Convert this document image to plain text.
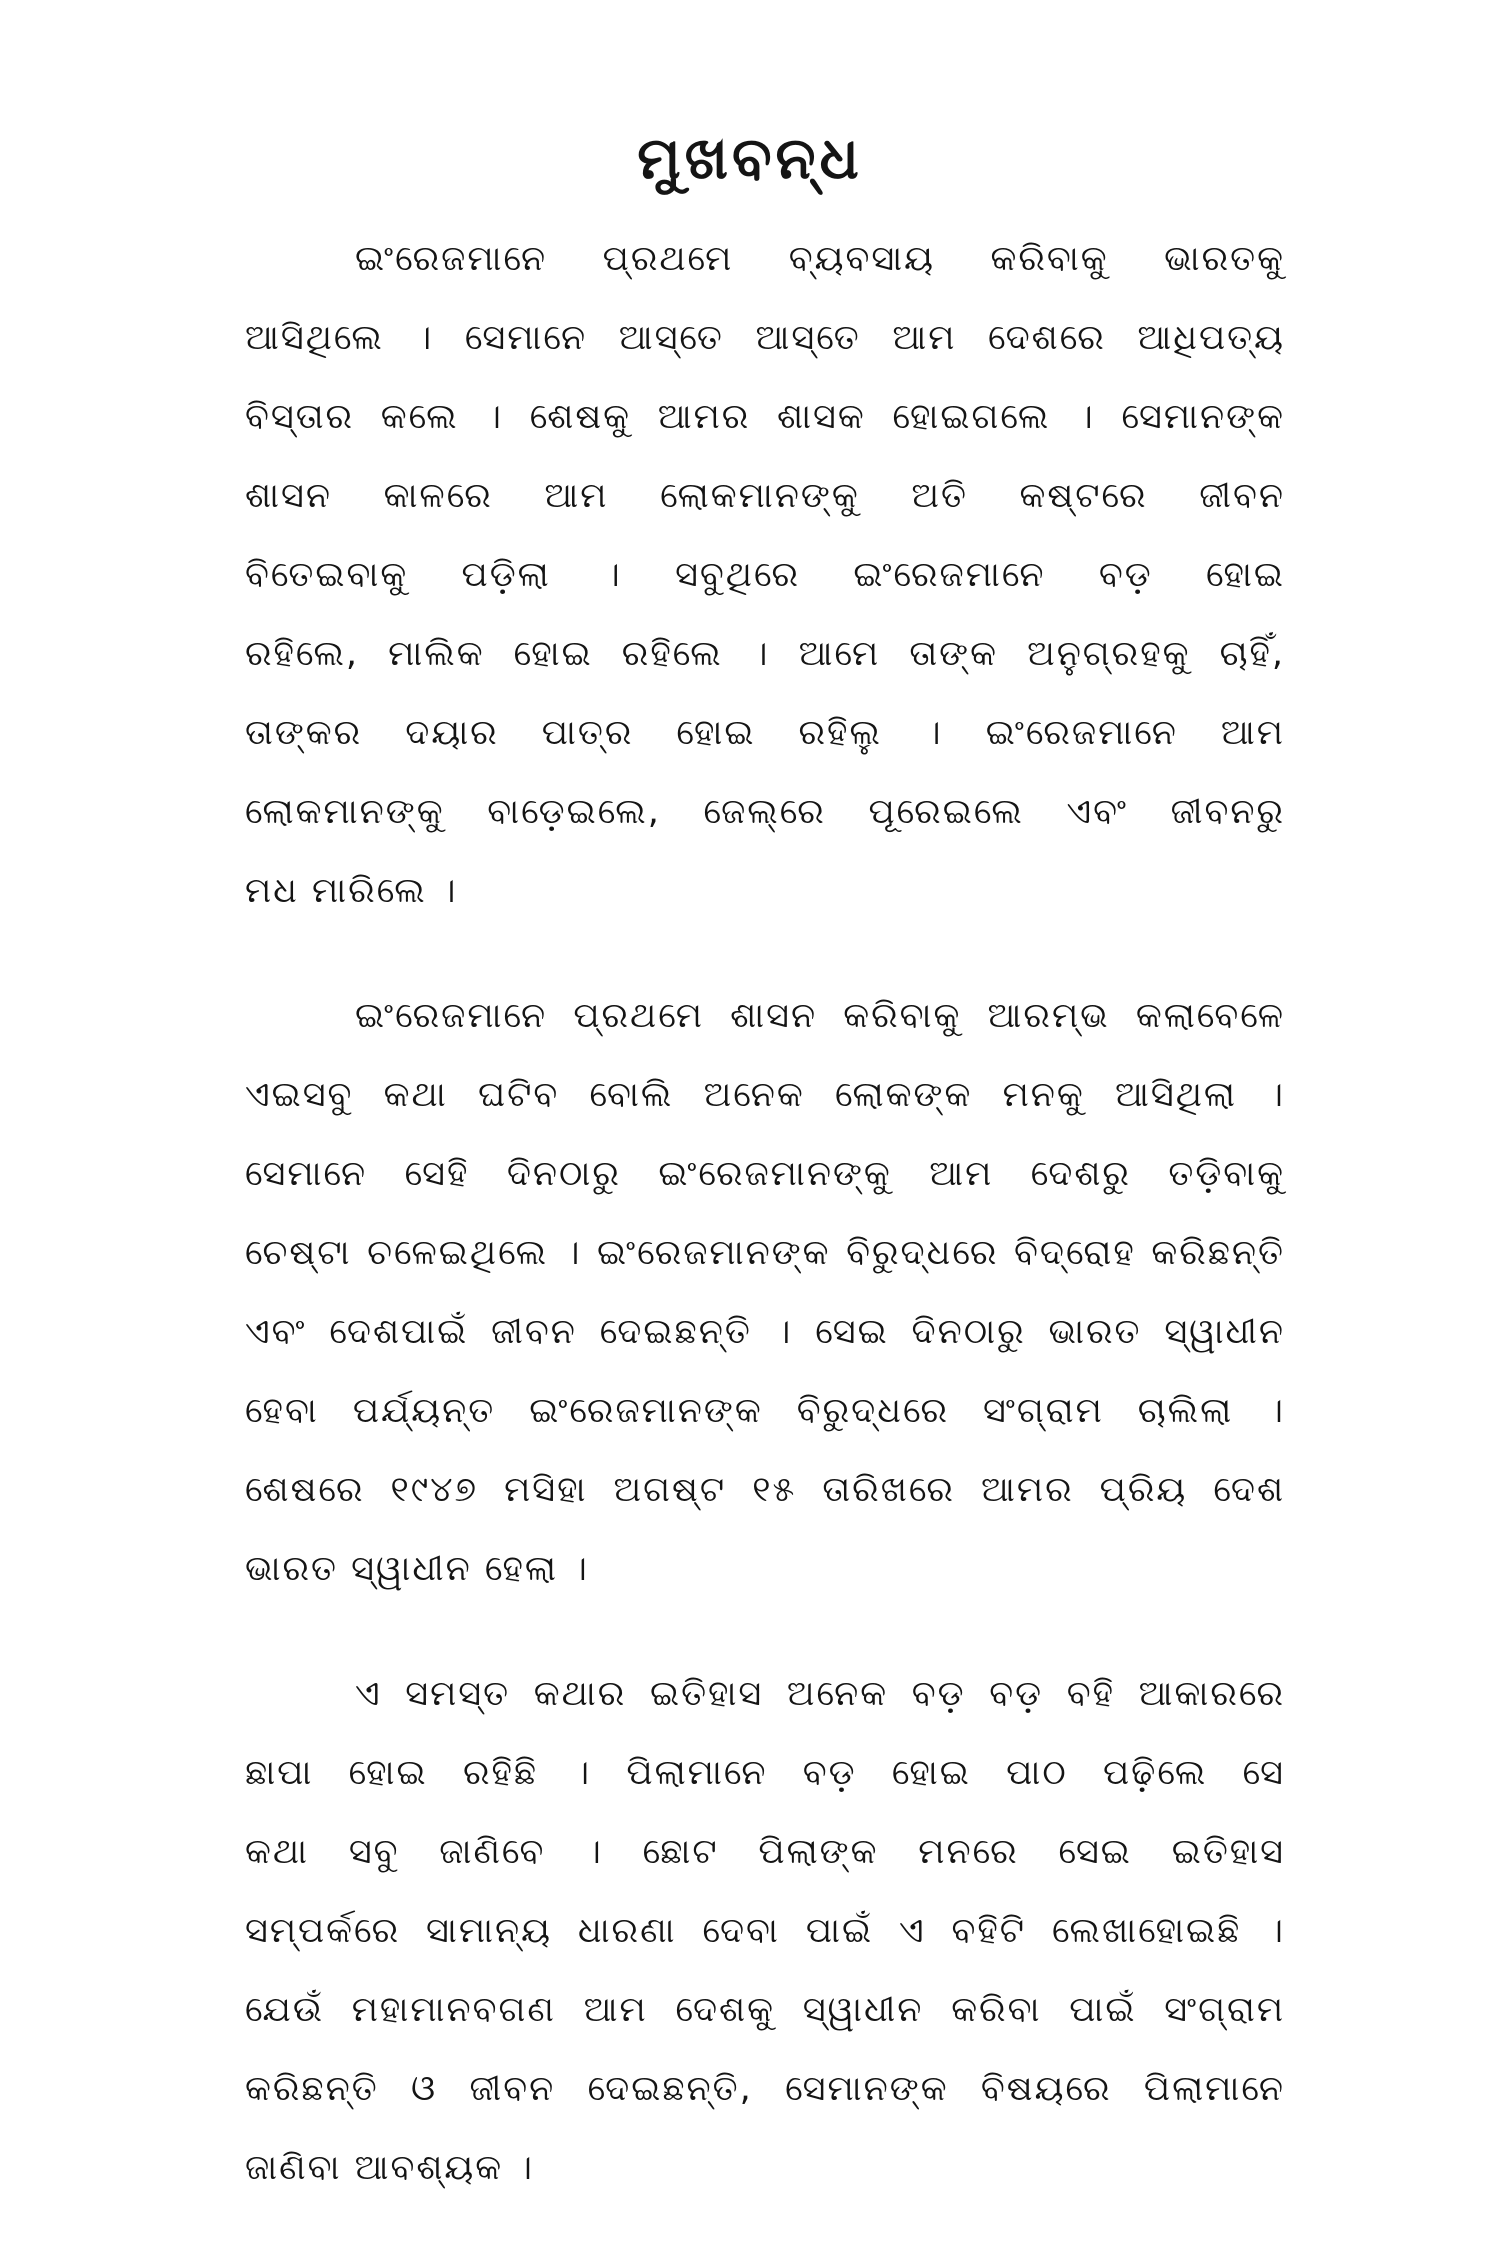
ମୁଖବନ୍ଧ

ଇଂରେଜମାନେ ପ୍ରଥମେ ବ୍ୟବସାୟ କରିବାକୁ ଭାରତକୁ
ଆସିଥିଲେ । ସେମାନେ ଆସ୍ତେ ଆସ୍ତେ ଆମ ଦେଶରେ ଆଧିପତ୍ୟ
ବିସ୍ତାର କଲେ । ଶେଷକୁ ଆମର ଶାସକ ହୋଇଗଲେ । ସେମାନଙ୍କ
ଶାସନ କାଳରେ ଆମ ଲୋକମାନଙ୍କୁ ଅତି କଷ୍ଟରେ ଜୀବନ
ବିତେଇବାକୁ ପଡ଼ିଲା । ସବୁଥିରେ ଇଂରେଜମାନେ ବଡ଼ ହୋଇ
ରହିଲେ, ମାଲିକ ହୋଇ ରହିଲେ । ଆମେ ତାଙ୍କ ଅନୁଗ୍ରହକୁ ଚାହିଁ,
ତାଙ୍କର ଦୟାର ପାତ୍ର ହୋଇ ରହିଲୁ । ଇଂରେଜମାନେ ଆମ
ଲୋକମାନଙ୍କୁ ବାଡ଼େଇଲେ, ଜେଲ୍‌ରେ ପୂରେଇଲେ ଏବଂ ଜୀବନରୁ
ମଧ ମାରିଲେ ।

ଇଂରେଜମାନେ ପ୍ରଥମେ ଶାସନ କରିବାକୁ ଆରମ୍ଭ କଲାବେଳେ
ଏଇସବୁ କଥା ଘଟିବ ବୋଲି ଅନେକ ଲୋକଙ୍କ ମନକୁ ଆସିଥିଲା ।
ସେମାନେ ସେହି ଦିନଠାରୁ ଇଂରେଜମାନଙ୍କୁ ଆମ ଦେଶରୁ ତଡ଼ିବାକୁ
ଚେଷ୍ଟା ଚଳେଇଥିଲେ । ଇଂରେଜମାନଙ୍କ ବିରୁଦ୍ଧରେ ବିଦ୍ରୋହ କରିଛନ୍ତି
ଏବଂ ଦେଶପାଇଁ ଜୀବନ ଦେଇଛନ୍ତି । ସେଇ ଦିନଠାରୁ ଭାରତ ସ୍ୱାଧୀନ
ହେବା ପର୍ଯ୍ୟନ୍ତ ଇଂରେଜମାନଙ୍କ ବିରୁଦ୍ଧରେ ସଂଗ୍ରାମ ଚାଲିଲା ।
ଶେଷରେ ୧୯୪୭ ମସିହା ଅଗଷ୍ଟ ୧୫ ତାରିଖରେ ଆମର ପ୍ରିୟ ଦେଶ
ଭାରତ ସ୍ୱାଧୀନ ହେଲା ।

ଏ ସମସ୍ତ କଥାର ଇତିହାସ ଅନେକ ବଡ଼ ବଡ଼ ବହି ଆକାରରେ
ଛାପା ହୋଇ ରହିଛି । ପିଲାମାନେ ବଡ଼ ହୋଇ ପାଠ ପଢ଼ିଲେ ସେ
କଥା ସବୁ ଜାଣିବେ । ଛୋଟ ପିଲାଙ୍କ ମନରେ ସେଇ ଇତିହାସ
ସମ୍ପର୍କରେ ସାମାନ୍ୟ ଧାରଣା ଦେବା ପାଇଁ ଏ ବହିଟି ଲେଖାହୋଇଛି ।
ଯେଉଁ ମହାମାନବଗଣ ଆମ ଦେଶକୁ ସ୍ୱାଧୀନ କରିବା ପାଇଁ ସଂଗ୍ରାମ
କରିଛନ୍ତି ଓ ଜୀବନ ଦେଇଛନ୍ତି, ସେମାନଙ୍କ ବିଷୟରେ ପିଲାମାନେ
ଜାଣିବା ଆବଶ୍ୟକ ।
